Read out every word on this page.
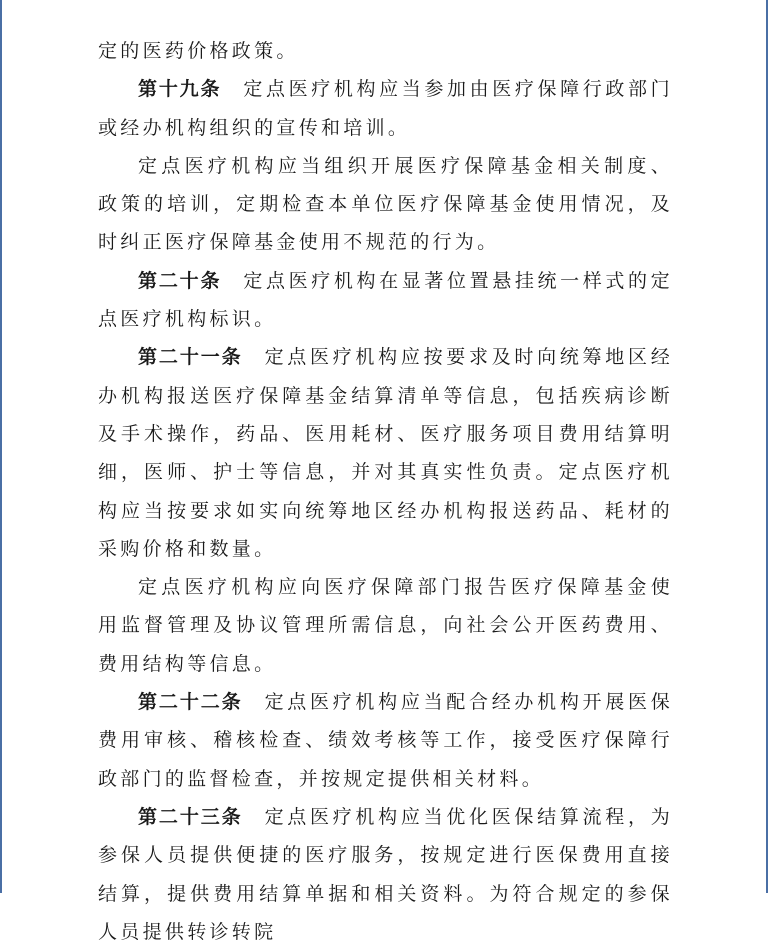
定的医药价格政策。

第十九条 定点医疗机构应当参加由医疗保障行政部门或经办机构组织的宣传和培训。

定点医疗机构应当组织开展医疗保障基金相关制度、政策的培训，定期检查本单位医疗保障基金使用情况，及时纠正医疗保障基金使用不规范的行为。

第二十条 定点医疗机构在显著位置悬挂统一样式的定点医疗机构标识。

第二十一条 定点医疗机构应按要求及时向统筹地区经办机构报送医疗保障基金结算清单等信息，包括疾病诊断及手术操作，药品、医用耗材、医疗服务项目费用结算明细，医师、护士等信息，并对其真实性负责。定点医疗机构应当按要求如实向统筹地区经办机构报送药品、耗材的采购价格和数量。

定点医疗机构应向医疗保障部门报告医疗保障基金使用监督管理及协议管理所需信息，向社会公开医药费用、费用结构等信息。

第二十二条 定点医疗机构应当配合经办机构开展医保费用审核、稽核检查、绩效考核等工作，接受医疗保障行政部门的监督检查，并按规定提供相关材料。

第二十三条 定点医疗机构应当优化医保结算流程，为参保人员提供便捷的医疗服务，按规定进行医保费用直接结算，提供费用结算单据和相关资料。为符合规定的参保人员提供转诊转院
